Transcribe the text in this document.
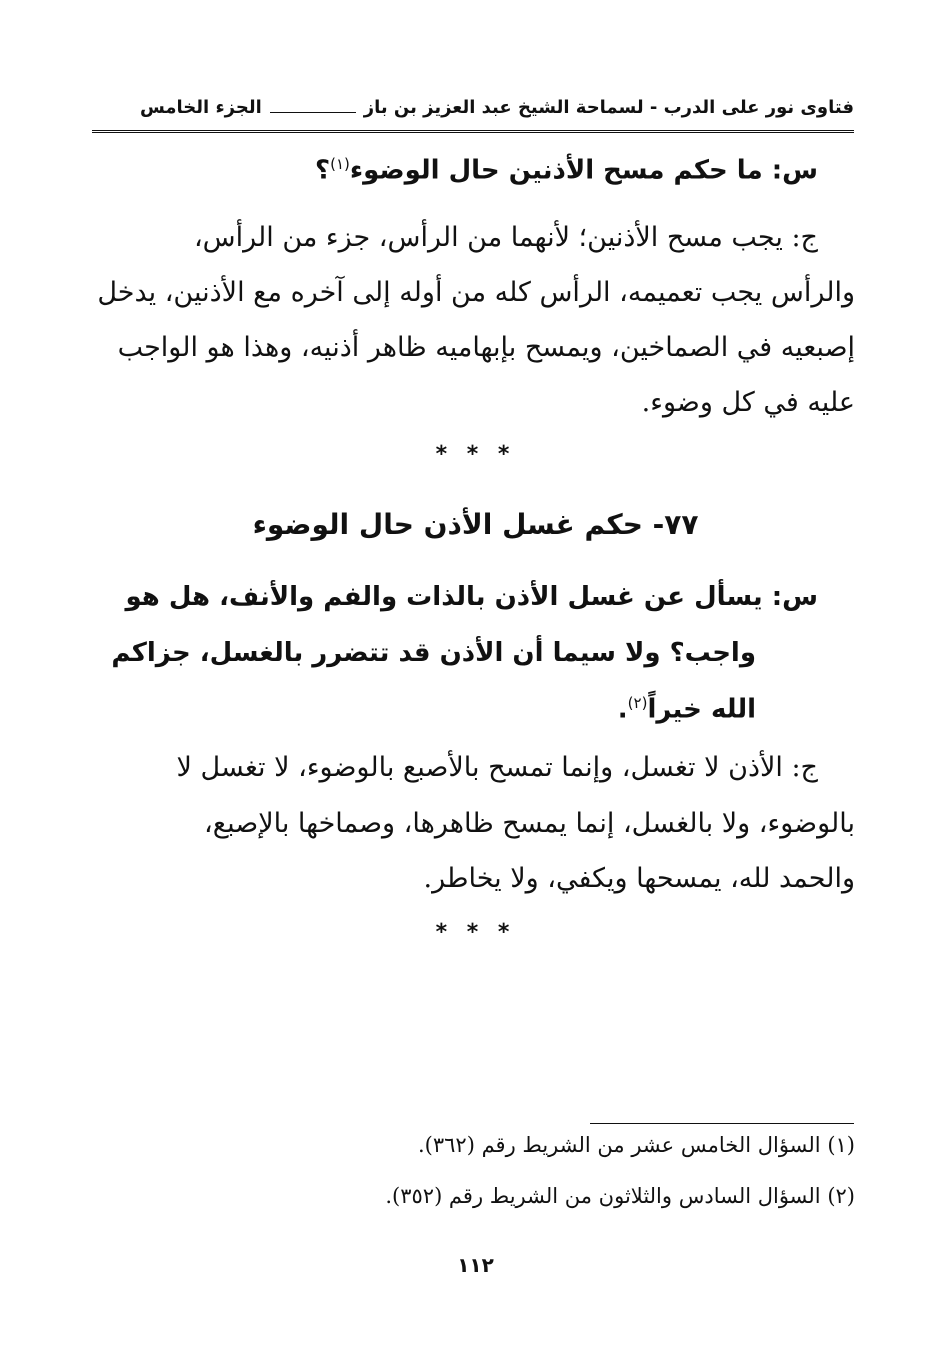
فتاوى نور على الدرب - لسماحة الشيخ عبد العزيز بن باز
الجزء الخامس

س: ما حكم مسح الأذنين حال الوضوء$^{(١)}$؟

ج: يجب مسح الأذنين؛ لأنهما من الرأس، جزء من الرأس،

والرأس يجب تعميمه، الرأس كله من أوله إلى آخره مع الأذنين، يدخل

إصبعيه في الصماخين، ويمسح بإبهاميه ظاهر أذنيه، وهذا هو الواجب

عليه في كل وضوء.

* * *
٧٧- حكم غسل الأذن حال الوضوء

س: يسأل عن غسل الأذن بالذات والفم والأنف، هل هو

واجب؟ ولا سيما أن الأذن قد تتضرر بالغسل، جزاكم

الله خيراً$^{(٢)}$.

ج: الأذن لا تغسل، وإنما تمسح بالأصبع بالوضوء، لا تغسل لا

بالوضوء، ولا بالغسل، إنما يمسح ظاهرها، وصماخها بالإصبع،

والحمد لله، يمسحها ويكفي، ولا يخاطر.

* * *

(١) السؤال الخامس عشر من الشريط رقم (٣٦٢).

(٢) السؤال السادس والثلاثون من الشريط رقم (٣٥٢).

١١٢
